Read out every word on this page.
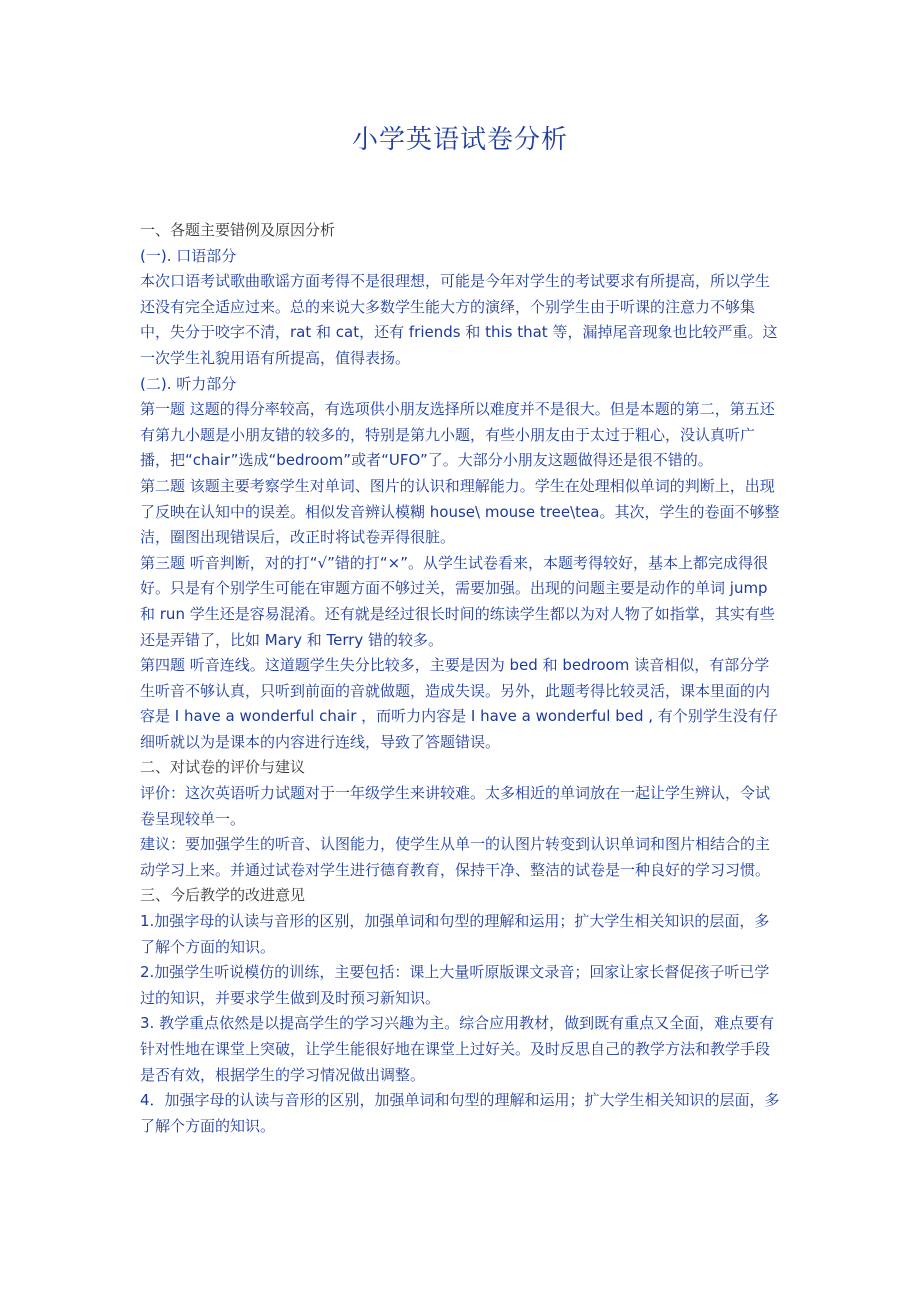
小学英语试卷分析

一、各题主要错例及原因分析

(一). 口语部分

本次口语考试歌曲歌谣方面考得不是很理想，可能是今年对学生的考试要求有所提高，所以学生还没有完全适应过来。总的来说大多数学生能大方的演绎，个别学生由于听课的注意力不够集中，失分于咬字不清，rat 和 cat，还有 friends 和 this that 等，漏掉尾音现象也比较严重。这一次学生礼貌用语有所提高，值得表扬。

(二). 听力部分

第一题 这题的得分率较高，有选项供小朋友选择所以难度并不是很大。但是本题的第二，第五还有第九小题是小朋友错的较多的，特别是第九小题，有些小朋友由于太过于粗心，没认真听广播，把“chair”选成“bedroom”或者“UFO”了。大部分小朋友这题做得还是很不错的。

第二题 该题主要考察学生对单词、图片的认识和理解能力。学生在处理相似单词的判断上，出现了反映在认知中的误差。相似发音辨认模糊 house\ mouse tree\tea。其次，学生的卷面不够整洁，圈图出现错误后，改正时将试卷弄得很脏。

第三题 听音判断，对的打“√”错的打“×”。从学生试卷看来，本题考得较好，基本上都完成得很好。只是有个别学生可能在审题方面不够过关，需要加强。出现的问题主要是动作的单词 jump 和 run 学生还是容易混淆。还有就是经过很长时间的练读学生都以为对人物了如指掌，其实有些还是弄错了，比如 Mary 和 Terry 错的较多。

第四题 听音连线。这道题学生失分比较多，主要是因为 bed 和 bedroom 读音相似，有部分学生听音不够认真，只听到前面的音就做题，造成失误。另外，此题考得比较灵活，课本里面的内容是 I have a wonderful chair ，而听力内容是 I have a wonderful bed , 有个别学生没有仔细听就以为是课本的内容进行连线，导致了答题错误。

二、对试卷的评价与建议

评价：这次英语听力试题对于一年级学生来讲较难。太多相近的单词放在一起让学生辨认，令试卷呈现较单一。

建议：要加强学生的听音、认图能力，使学生从单一的认图片转变到认识单词和图片相结合的主动学习上来。并通过试卷对学生进行德育教育，保持干净、整洁的试卷是一种良好的学习习惯。

三、今后教学的改进意见

1.加强字母的认读与音形的区别，加强单词和句型的理解和运用；扩大学生相关知识的层面，多了解个方面的知识。

2.加强学生听说模仿的训练，主要包括：课上大量听原版课文录音；回家让家长督促孩子听已学过的知识，并要求学生做到及时预习新知识。

3. 教学重点依然是以提高学生的学习兴趣为主。综合应用教材，做到既有重点又全面，难点要有针对性地在课堂上突破，让学生能很好地在课堂上过好关。及时反思自己的教学方法和教学手段是否有效，根据学生的学习情况做出调整。

4．加强字母的认读与音形的区别，加强单词和句型的理解和运用；扩大学生相关知识的层面，多了解个方面的知识。
